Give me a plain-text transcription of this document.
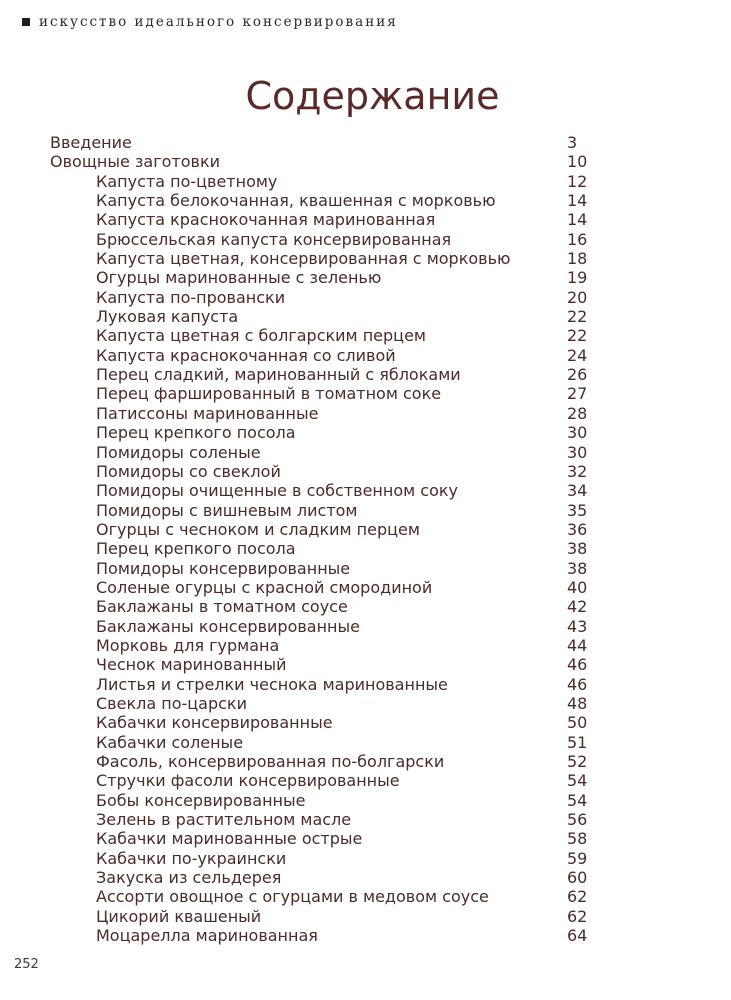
искусство идеального консервирования
Содержание
Введение	3
Овощные заготовки	10
Капуста по-цветному	12
Капуста белокочанная, квашенная с морковью	14
Капуста краснокочанная маринованная	14
Брюссельская капуста консервированная	16
Капуста цветная, консервированная с морковью	18
Огурцы маринованные с зеленью	19
Капуста по-провански	20
Луковая капуста	22
Капуста цветная с болгарским перцем	22
Капуста краснокочанная со сливой	24
Перец сладкий, маринованный с яблоками	26
Перец фаршированный в томатном соке	27
Патиссоны маринованные	28
Перец крепкого посола	30
Помидоры соленые	30
Помидоры со свеклой	32
Помидоры очищенные в собственном соку	34
Помидоры с вишневым листом	35
Огурцы с чесноком и сладким перцем	36
Перец крепкого посола	38
Помидоры консервированные	38
Соленые огурцы с красной смородиной	40
Баклажаны в томатном соусе	42
Баклажаны консервированные	43
Морковь для гурмана	44
Чеснок маринованный	46
Листья и стрелки чеснока маринованные	46
Свекла по-царски	48
Кабачки консервированные	50
Кабачки соленые	51
Фасоль, консервированная по-болгарски	52
Стручки фасоли консервированные	54
Бобы консервированные	54
Зелень в растительном масле	56
Кабачки маринованные острые	58
Кабачки по-украински	59
Закуска из сельдерея	60
Ассорти овощное с огурцами в медовом соусе	62
Цикорий квашеный	62
Моцарелла маринованная	64
252
